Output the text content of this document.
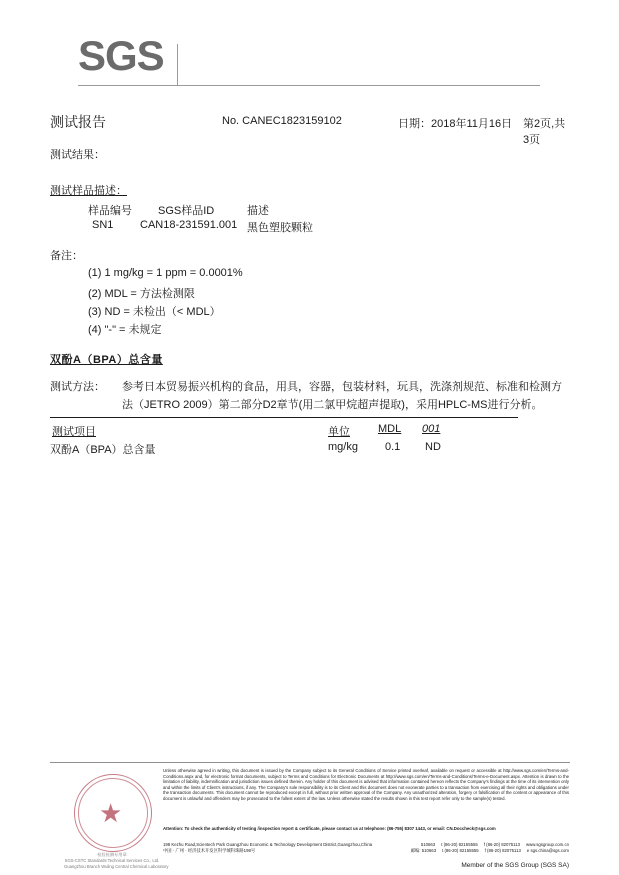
SGS
测试报告	No. CANEC1823159102	日期：2018年11月16日 第2页,共3页
测试结果：
测试样品描述：
样品编号 SGS样品ID	描述
SN1 CAN18-231591.001 黑色塑胶颗粒
备注：
(1) 1 mg/kg = 1 ppm = 0.0001%
(2) MDL = 方法检测限
(3) ND = 未检出（< MDL）
(4) "-" = 未规定
双酚A（BPA）总含量
测试方法： 参考日本贸易振兴机构的食品，用具，容器，包装材料，玩具，洗涤剂规范、标准和检测方
法（JETRO 2009）第二部分D2章节(用二氯甲烷超声提取)，采用HPLC-MS进行分析。
测试项目	单位	MDL 001
双酚A（BPA）总含量	mg/kg 0.1 ND
★
检验检测专用章
SGS-CSTC Standards Technical Services Co., Ltd.
Guangzhou Branch Wuling Central Chemical Laboratory
Unless otherwise agreed in writing, this document is issued by the Company subject to its General Conditions of Service printed overleaf, available on request or accessible at http://www.sgs.com/en/Terms-and-Conditions.aspx and, for electronic format documents, subject to Terms and Conditions for Electronic Documents at http://www.sgs.com/en/Terms-and-Conditions/Terms-e-Document.aspx. Attention is drawn to the limitation of liability, indemnification and jurisdiction issues defined therein. Any holder of this document is advised that information contained hereon reflects the Company's findings at the time of its intervention only and within the limits of Client's instructions, if any. The Company's sole responsibility is to its Client and this document does not exonerate parties to a transaction from exercising all their rights and obligations under the transaction documents. This document cannot be reproduced except in full, without prior written approval of the Company. Any unauthorized alteration, forgery or falsification of the content or appearance of this document is unlawful and offenders may be prosecuted to the fullest extent of the law. Unless otherwise stated the results shown in this test report refer only to the sample(s) tested.
Attention: To check the authenticity of testing /inspection report & certificate, please contact us at telephone: (86-755) 8307 1443, or email: CN.Doccheck@sgs.com
198 Kezhu Road,Scientech Park Guangzhou Economic & Technology Development District,Guangzhou,China	510663 t (86-20) 82155555 f (86-20) 82075113 www.sgsgroup.com.cn
中国 · 广州 · 经济技术开发区科学城科珠路198号	邮编: 510663 t (86-20) 82155555 f (86-20) 82075113 e sgs.china@sgs.com
Member of the SGS Group (SGS SA)
